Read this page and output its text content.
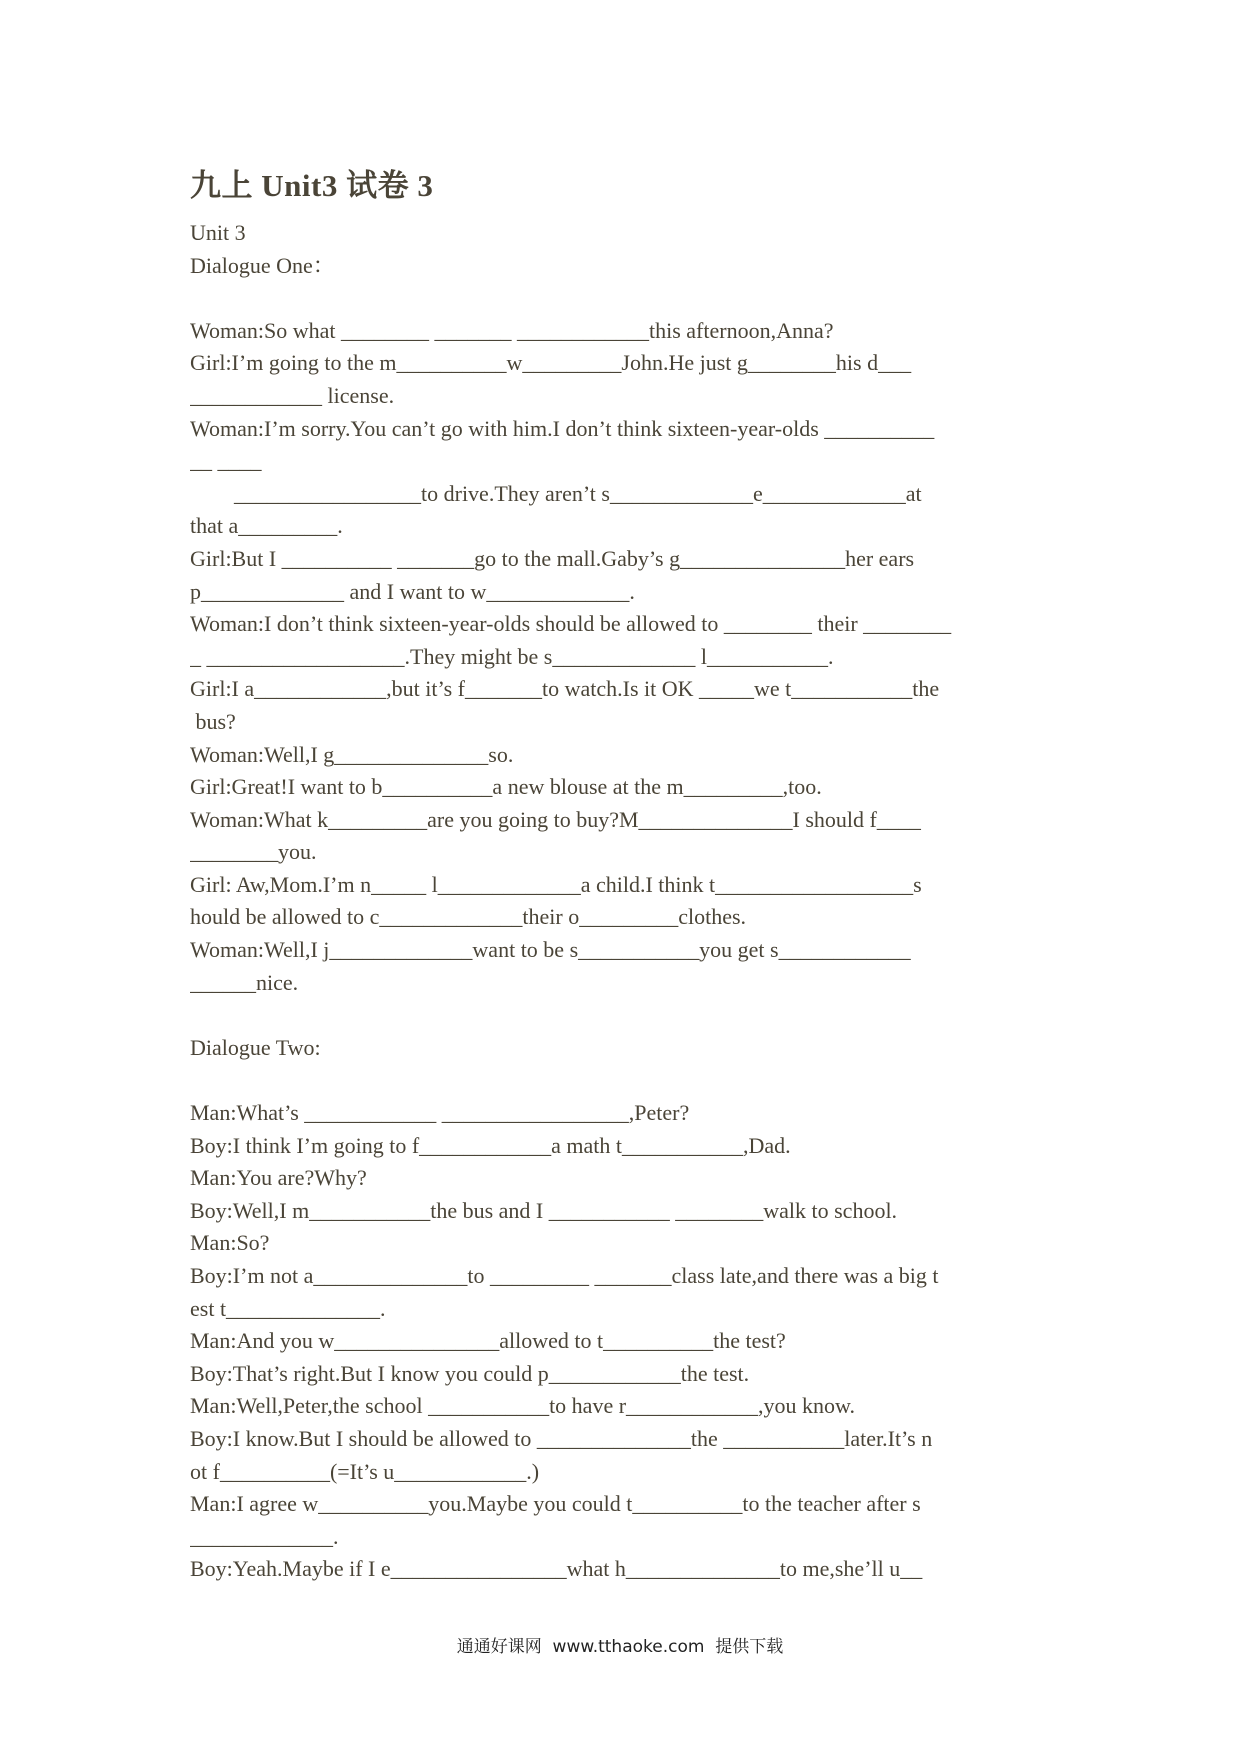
九上 Unit3 试卷 3
Unit 3
Dialogue One：
Woman:So what ________ _______ ____________this afternoon,Anna?
Girl:I’m going to the m__________w_________John.He just g________his d___
____________ license.
Woman:I’m sorry.You can’t go with him.I don’t think sixteen-year-olds __________
__ ____
_________________to drive.They aren’t s_____________e_____________at
that a_________.
Girl:But I __________ _______go to the mall.Gaby’s g_______________her ears
p_____________ and I want to w_____________.
Woman:I don’t think sixteen-year-olds should be allowed to ________ their ________
_ __________________.They might be s_____________ l___________.
Girl:I a____________,but it’s f_______to watch.Is it OK _____we t___________the
bus?
Woman:Well,I g______________so.
Girl:Great!I want to b__________a new blouse at the m_________,too.
Woman:What k_________are you going to buy?M______________I should f____
________you.
Girl: Aw,Mom.I’m n_____ l_____________a child.I think t__________________s
hould be allowed to c_____________their o_________clothes.
Woman:Well,I j_____________want to be s___________you get s____________
______nice.
Dialogue Two:
Man:What’s ____________ _________________,Peter?
Boy:I think I’m going to f____________a math t___________,Dad.
Man:You are?Why?
Boy:Well,I m___________the bus and I ___________ ________walk to school.
Man:So?
Boy:I’m not a______________to _________ _______class late,and there was a big t
est t______________.
Man:And you w_______________allowed to t__________the test?
Boy:That’s right.But I know you could p____________the test.
Man:Well,Peter,the school ___________to have r____________,you know.
Boy:I know.But I should be allowed to ______________the ___________later.It’s n
ot f__________(=It’s u____________.)
Man:I agree w__________you.Maybe you could t__________to the teacher after s
_____________.
Boy:Yeah.Maybe if I e________________what h______________to me,she’ll u__
通通好课网  www.tthaoke.com  提供下载
